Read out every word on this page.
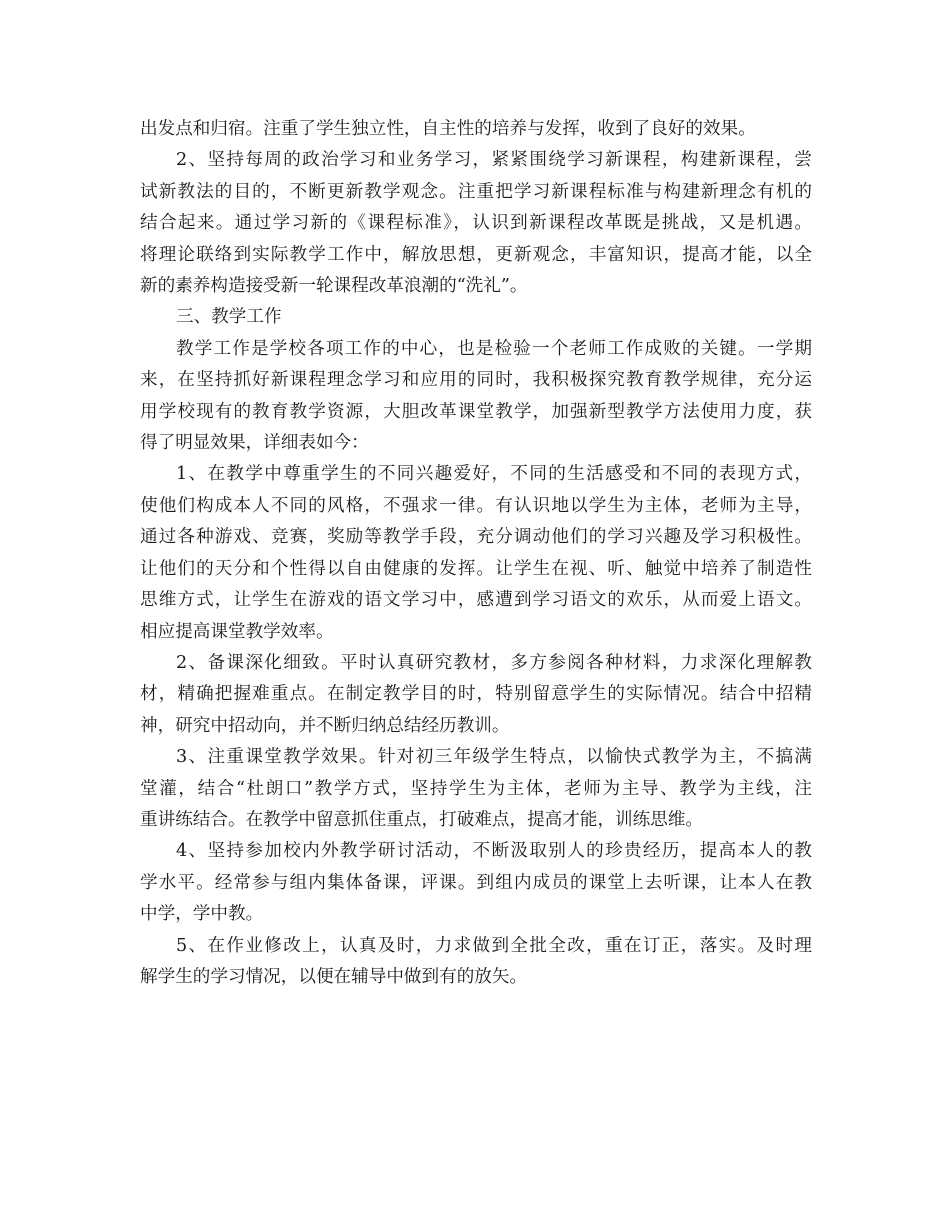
出发点和归宿。注重了学生独立性，自主性的培养与发挥，收到了良好的效果。

2、坚持每周的政治学习和业务学习，紧紧围绕学习新课程，构建新课程，尝
试新教法的目的，不断更新教学观念。注重把学习新课程标准与构建新理念有机的
结合起来。通过学习新的《课程标准》，认识到新课程改革既是挑战，又是机遇。
将理论联络到实际教学工作中，解放思想，更新观念，丰富知识，提高才能，以全
新的素养构造接受新一轮课程改革浪潮的“洗礼”。

三、教学工作

教学工作是学校各项工作的中心，也是检验一个老师工作成败的关键。一学期
来，在坚持抓好新课程理念学习和应用的同时，我积极探究教育教学规律，充分运
用学校现有的教育教学资源，大胆改革课堂教学，加强新型教学方法使用力度，获
得了明显效果，详细表如今：

1、在教学中尊重学生的不同兴趣爱好，不同的生活感受和不同的表现方式，
使他们构成本人不同的风格，不强求一律。有认识地以学生为主体，老师为主导，
通过各种游戏、竞赛，奖励等教学手段，充分调动他们的学习兴趣及学习积极性。
让他们的天分和个性得以自由健康的发挥。让学生在视、听、触觉中培养了制造性
思维方式，让学生在游戏的语文学习中，感遭到学习语文的欢乐，从而爱上语文。
相应提高课堂教学效率。

2、备课深化细致。平时认真研究教材，多方参阅各种材料，力求深化理解教
材，精确把握难重点。在制定教学目的时，特别留意学生的实际情况。结合中招精
神，研究中招动向，并不断归纳总结经历教训。

3、注重课堂教学效果。针对初三年级学生特点，以愉快式教学为主，不搞满
堂灌，结合“杜朗口”教学方式，坚持学生为主体，老师为主导、教学为主线，注
重讲练结合。在教学中留意抓住重点，打破难点，提高才能，训练思维。

4、坚持参加校内外教学研讨活动，不断汲取别人的珍贵经历，提高本人的教
学水平。经常参与组内集体备课，评课。到组内成员的课堂上去听课，让本人在教
中学，学中教。

5、在作业修改上，认真及时，力求做到全批全改，重在订正，落实。及时理
解学生的学习情况，以便在辅导中做到有的放矢。
